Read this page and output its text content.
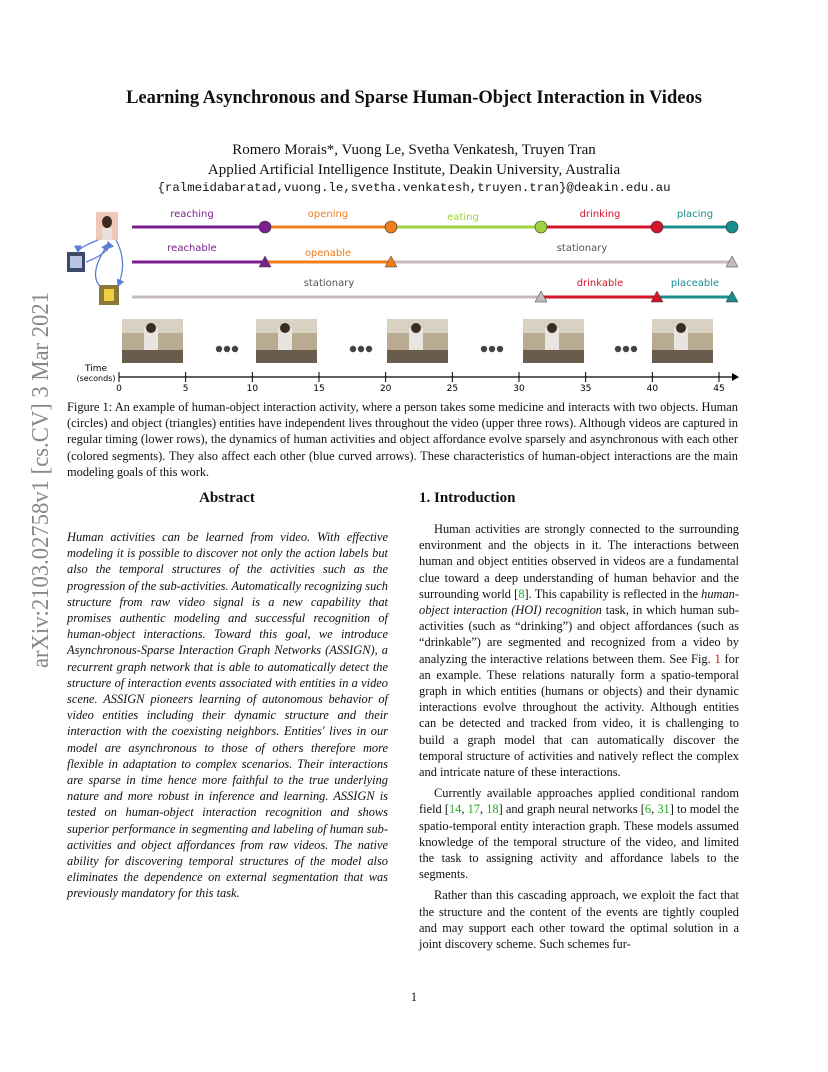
arXiv:2103.02758v1 [cs.CV] 3 Mar 2021
Learning Asynchronous and Sparse Human-Object Interaction in Videos
Romero Morais*, Vuong Le, Svetha Venkatesh, Truyen Tran
Applied Artificial Intelligence Institute, Deakin University, Australia
{ralmeidabaratad,vuong.le,svetha.venkatesh,truyen.tran}@deakin.edu.au
reaching	opening	eating	drinking	placing
reachable	openable	stationary
stationary	drinkable	placeable
Time
(seconds)
0	5	10	15	20	25	30	35	40	45
Figure 1: An example of human-object interaction activity, where a person takes some medicine and interacts with two objects. Human (circles) and object (triangles) entities have independent lives throughout the video (upper three rows). Although videos are captured in regular timing (lower rows), the dynamics of human activities and object affordance evolve sparsely and asynchronous with each other (colored segments). They also affect each other (blue curved arrows). These characteristics of human-object interactions are the main modeling goals of this work.
Abstract	1. Introduction
Human activities can be learned from video. With effective modeling it is possible to discover not only the action labels but also the temporal structures of the activities such as the progression of the sub-activities. Automatically recognizing such structure from raw video signal is a new capability that promises authentic modeling and successful recognition of human-object interactions. Toward this goal, we introduce Asynchronous-Sparse Interaction Graph Networks (ASSIGN), a recurrent graph network that is able to automatically detect the structure of interaction events associated with entities in a video scene. ASSIGN pioneers learning of autonomous behavior of video entities including their dynamic structure and their interaction with the coexisting neighbors. Entities' lives in our model are asynchronous to those of others therefore more flexible in adaptation to complex scenarios. Their interactions are sparse in time hence more faithful to the true underlying nature and more robust in inference and learning. ASSIGN is tested on human-object interaction recognition and shows superior performance in segmenting and labeling of human sub-activities and object affordances from raw videos. The native ability for discovering temporal structures of the model also eliminates the dependence on external segmentation that was previously mandatory for this task.

Human activities are strongly connected to the surrounding environment and the objects in it. The interactions between human and object entities observed in videos are a fundamental clue toward a deep understanding of human behavior and the surrounding world [8]. This capability is reflected in the human-object interaction (HOI) recognition task, in which human sub-activities (such as “drinking”) and object affordances (such as “drinkable”) are segmented and recognized from a video by analyzing the interactive relations between them. See Fig. 1 for an example. These relations naturally form a spatio-temporal graph in which entities (humans or objects) and their dynamic interactions evolve throughout the activity. Although entities can be detected and tracked from video, it is challenging to build a graph model that can automatically discover the temporal structure of activities and natively reflect the complex and intricate nature of these interactions.

Currently available approaches applied conditional random field [14, 17, 18] and graph neural networks [6, 31] to model the spatio-temporal entity interaction graph. These models assumed knowledge of the temporal structure of the video, and limited the task to assigning activity and affordance labels to the segments.

Rather than this cascading approach, we exploit the fact that the structure and the content of the events are tightly coupled and may support each other toward the optimal solution in a joint discovery scheme. Such schemes fur-

1
